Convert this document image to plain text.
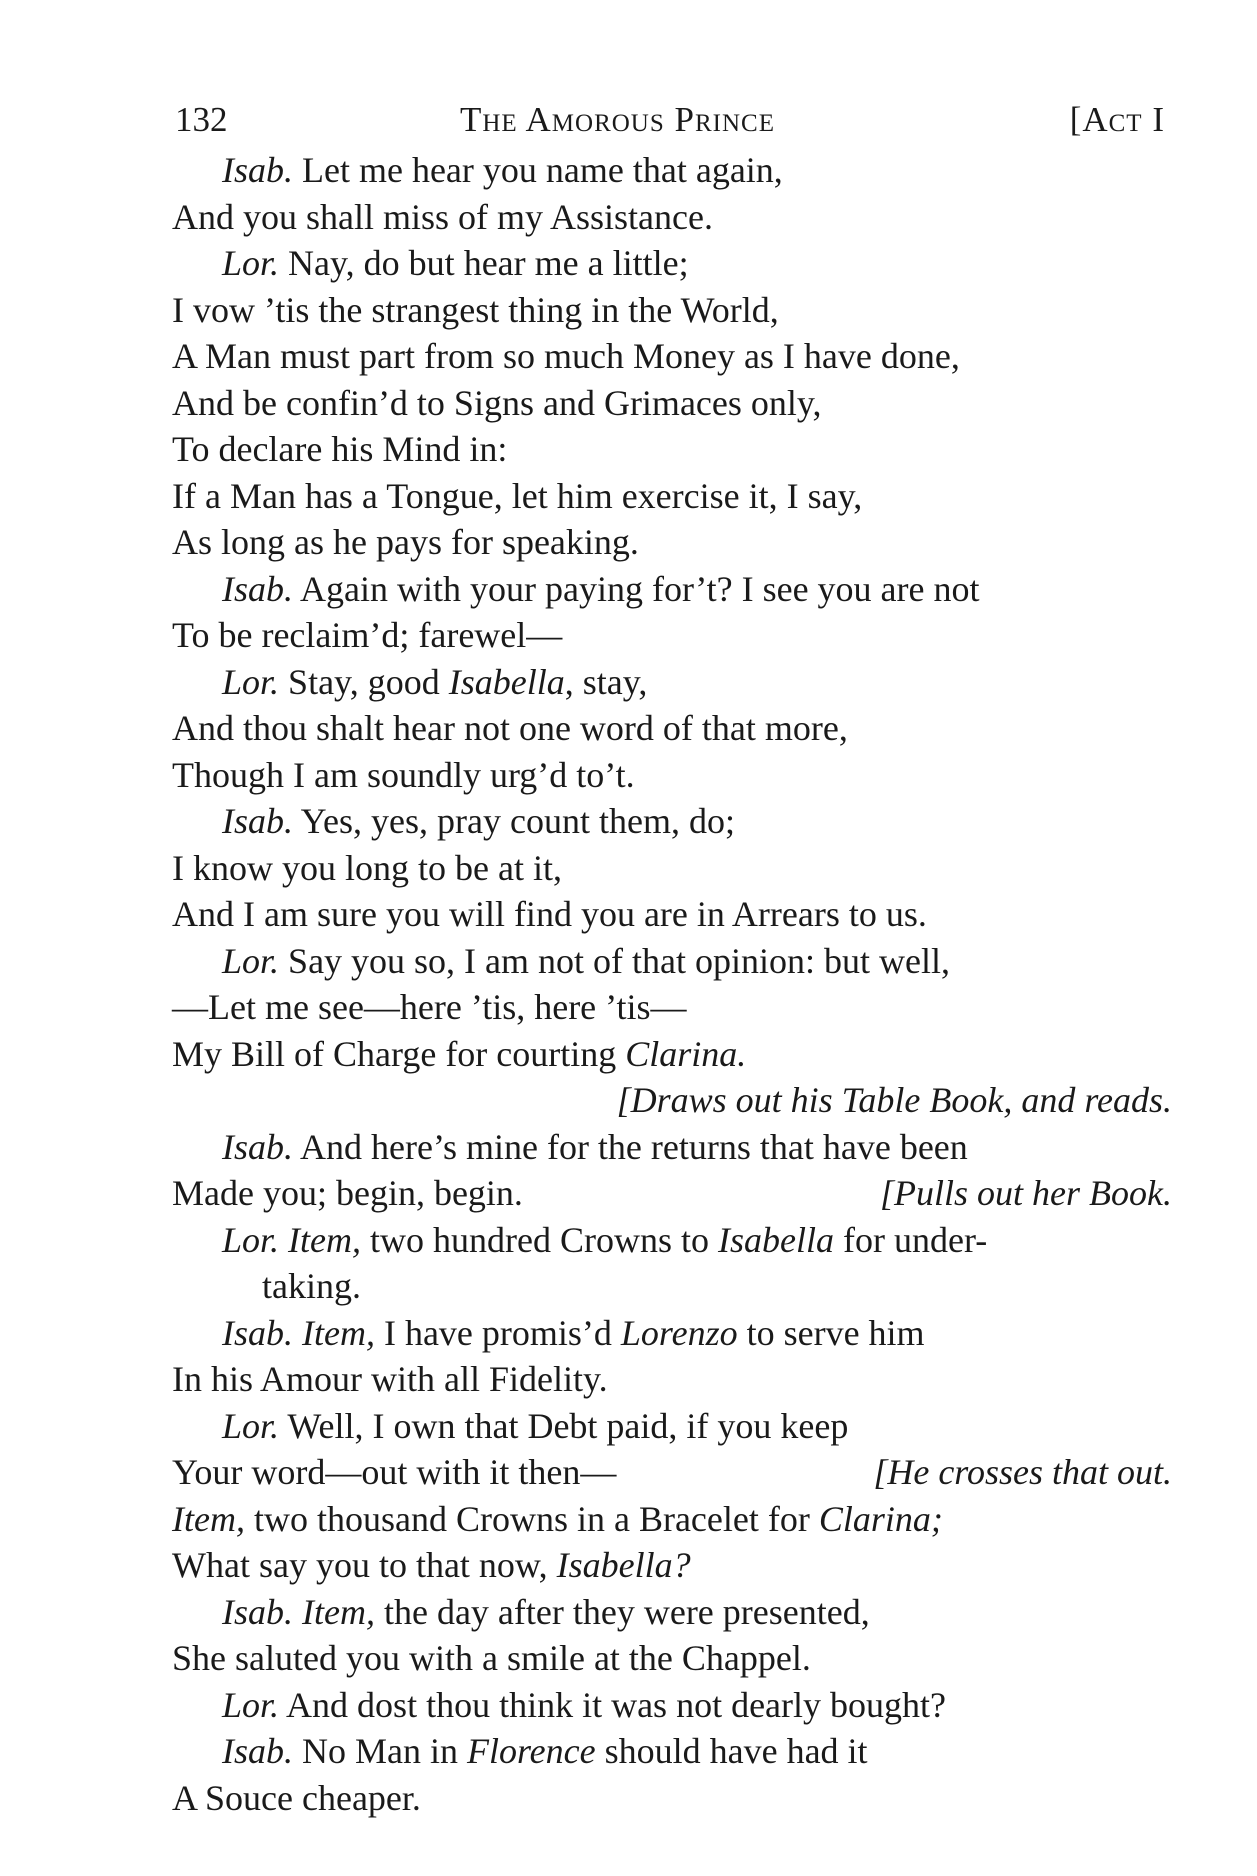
132	The Amorous Prince	[Act I
Isab. Let me hear you name that again,
And you shall miss of my Assistance.
Lor. Nay, do but hear me a little;
I vow ’tis the strangest thing in the World,
A Man must part from so much Money as I have done,
And be confin’d to Signs and Grimaces only,
To declare his Mind in:
If a Man has a Tongue, let him exercise it, I say,
As long as he pays for speaking.
Isab. Again with your paying for’t? I see you are not
To be reclaim’d; farewel—
Lor. Stay, good Isabella, stay,
And thou shalt hear not one word of that more,
Though I am soundly urg’d to’t.
Isab. Yes, yes, pray count them, do;
I know you long to be at it,
And I am sure you will find you are in Arrears to us.
Lor. Say you so, I am not of that opinion: but well,
—Let me see—here ’tis, here ’tis—
My Bill of Charge for courting Clarina.
[Draws out his Table Book, and reads.
Isab. And here’s mine for the returns that have been
Made you; begin, begin.	[Pulls out her Book.
Lor. Item, two hundred Crowns to Isabella for under-
taking.
Isab. Item, I have promis’d Lorenzo to serve him
In his Amour with all Fidelity.
Lor. Well, I own that Debt paid, if you keep
Your word—out with it then—	[He crosses that out.
Item, two thousand Crowns in a Bracelet for Clarina;
What say you to that now, Isabella?
Isab. Item, the day after they were presented,
She saluted you with a smile at the Chappel.
Lor. And dost thou think it was not dearly bought?
Isab. No Man in Florence should have had it
A Souce cheaper.
